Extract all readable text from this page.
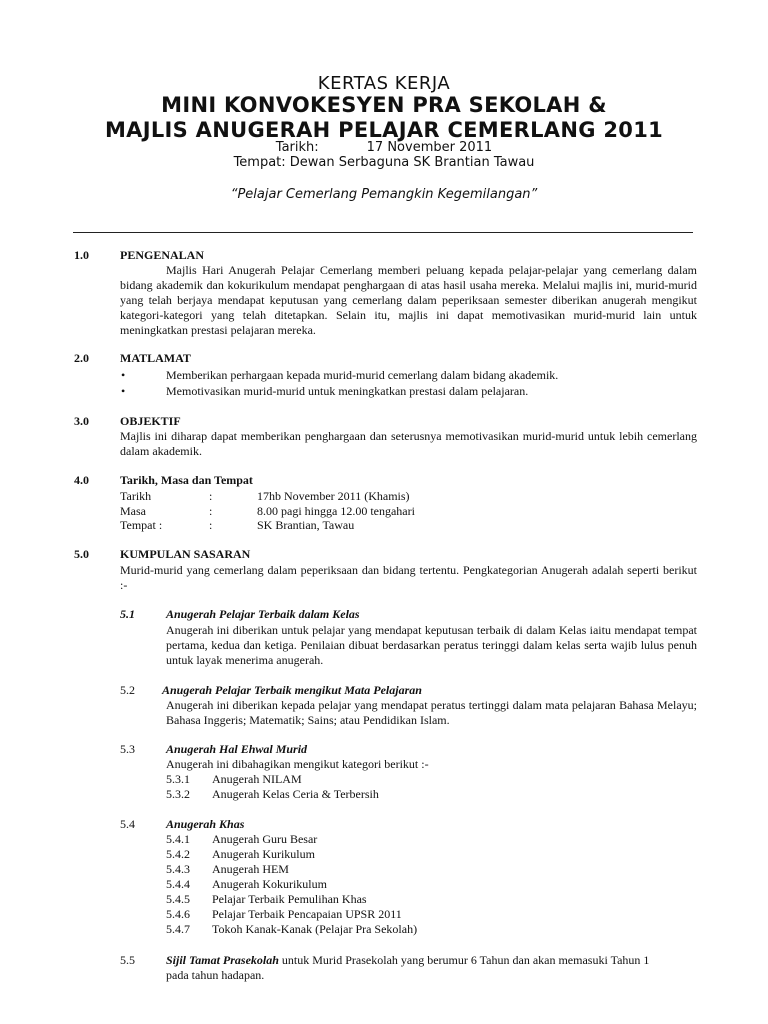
KERTAS KERJA
MINI KONVOKESYEN PRA SEKOLAH &
MAJLIS ANUGERAH PELAJAR CEMERLANG 2011
Tarikh:	17 November 2011
Tempat: Dewan Serbaguna SK Brantian Tawau
“Pelajar Cemerlang Pemangkin Kegemilangan”
1.0	PENGENALAN
Majlis Hari Anugerah Pelajar Cemerlang memberi peluang kepada pelajar-pelajar yang cemerlang dalam bidang akademik dan kokurikulum mendapat penghargaan di atas hasil usaha mereka. Melalui majlis ini, murid-murid yang telah berjaya mendapat keputusan yang cemerlang dalam peperiksaan semester diberikan anugerah mengikut kategori-kategori yang telah ditetapkan. Selain itu, majlis ini dapat memotivasikan murid-murid lain untuk meningkatkan prestasi pelajaran mereka.
2.0	MATLAMAT
•	Memberikan perhargaan kepada murid-murid cemerlang dalam bidang akademik.
•	Memotivasikan murid-murid untuk meningkatkan prestasi dalam pelajaran.
3.0	OBJEKTIF
Majlis ini diharap dapat memberikan penghargaan dan seterusnya memotivasikan murid-murid untuk lebih cemerlang dalam akademik.
4.0	Tarikh, Masa dan Tempat
Tarikh	:	17hb November 2011 (Khamis)
Masa	:	8.00 pagi hingga 12.00 tengahari
Tempat :	:	SK Brantian, Tawau
5.0	KUMPULAN SASARAN
Murid-murid yang cemerlang dalam peperiksaan dan bidang tertentu. Pengkategorian Anugerah adalah seperti berikut :-
5.1	Anugerah Pelajar Terbaik dalam Kelas
Anugerah ini diberikan untuk pelajar yang mendapat keputusan terbaik di dalam Kelas iaitu mendapat tempat pertama, kedua dan ketiga. Penilaian dibuat berdasarkan peratus teringgi dalam kelas serta wajib lulus penuh untuk layak menerima anugerah.
5.2 Anugerah Pelajar Terbaik mengikut Mata Pelajaran
Anugerah ini diberikan kepada pelajar yang mendapat peratus tertinggi dalam mata pelajaran Bahasa Melayu; Bahasa Inggeris; Matematik; Sains; atau Pendidikan Islam.
5.3	Anugerah Hal Ehwal Murid
Anugerah ini dibahagikan mengikut kategori berikut :-
5.3.1 Anugerah NILAM
5.3.2 Anugerah Kelas Ceria & Terbersih
5.4	Anugerah Khas
5.4.1 Anugerah Guru Besar
5.4.2 Anugerah Kurikulum
5.4.3 Anugerah HEM
5.4.4 Anugerah Kokurikulum
5.4.5 Pelajar Terbaik Pemulihan Khas
5.4.6 Pelajar Terbaik Pencapaian UPSR 2011
5.4.7 Tokoh Kanak-Kanak (Pelajar Pra Sekolah)
5.5	Sijil Tamat Prasekolah untuk Murid Prasekolah yang berumur 6 Tahun dan akan memasuki Tahun 1
pada tahun hadapan.
